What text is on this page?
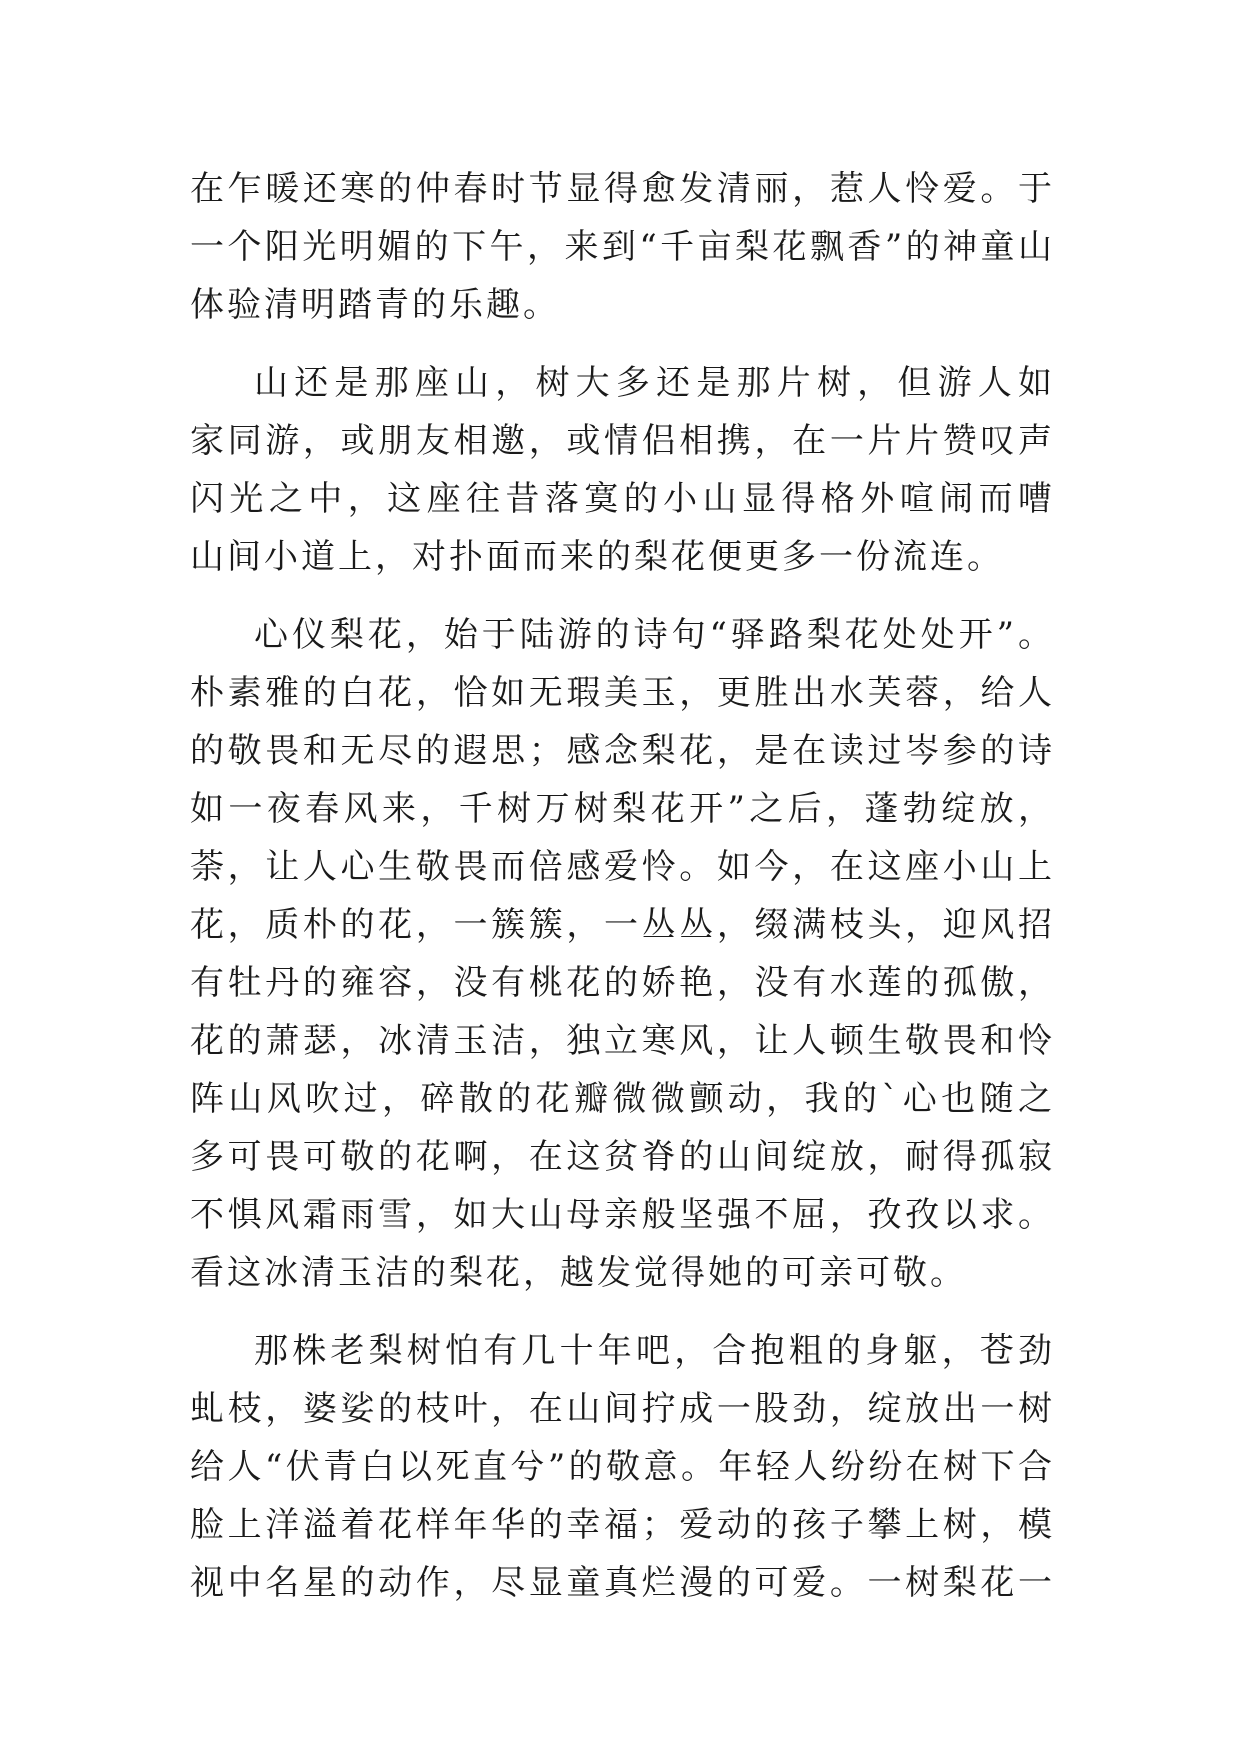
在乍暖还寒的仲春时节显得愈发清丽，惹人怜爱。于
一个阳光明媚的下午，来到“千亩梨花飘香”的神童山
体验清明踏青的乐趣。
山还是那座山，树大多还是那片树，但游人如
家同游，或朋友相邀，或情侣相携，在一片片赞叹声
闪光之中，这座往昔落寞的小山显得格外喧闹而嘈
山间小道上，对扑面而来的梨花便更多一份流连。
心仪梨花，始于陆游的诗句“驿路梨花处处开”。
朴素雅的白花，恰如无瑕美玉，更胜出水芙蓉，给人
的敬畏和无尽的遐思；感念梨花，是在读过岑参的诗
如一夜春风来，千树万树梨花开”之后，蓬勃绽放，
荼，让人心生敬畏而倍感爱怜。如今，在这座小山上
花，质朴的花，一簇簇，一丛丛，缀满枝头，迎风招
有牡丹的雍容，没有桃花的娇艳，没有水莲的孤傲，
花的萧瑟，冰清玉洁，独立寒风，让人顿生敬畏和怜
阵山风吹过，碎散的花瓣微微颤动，我的`心也随之
多可畏可敬的花啊，在这贫脊的山间绽放，耐得孤寂
不惧风霜雨雪，如大山母亲般坚强不屈，孜孜以求。
看这冰清玉洁的梨花，越发觉得她的可亲可敬。
那株老梨树怕有几十年吧，合抱粗的身躯，苍劲
虬枝，婆娑的枝叶，在山间拧成一股劲，绽放出一树
给人“伏青白以死直兮”的敬意。年轻人纷纷在树下合
脸上洋溢着花样年华的幸福；爱动的孩子攀上树，模
视中名星的动作，尽显童真烂漫的可爱。一树梨花一
